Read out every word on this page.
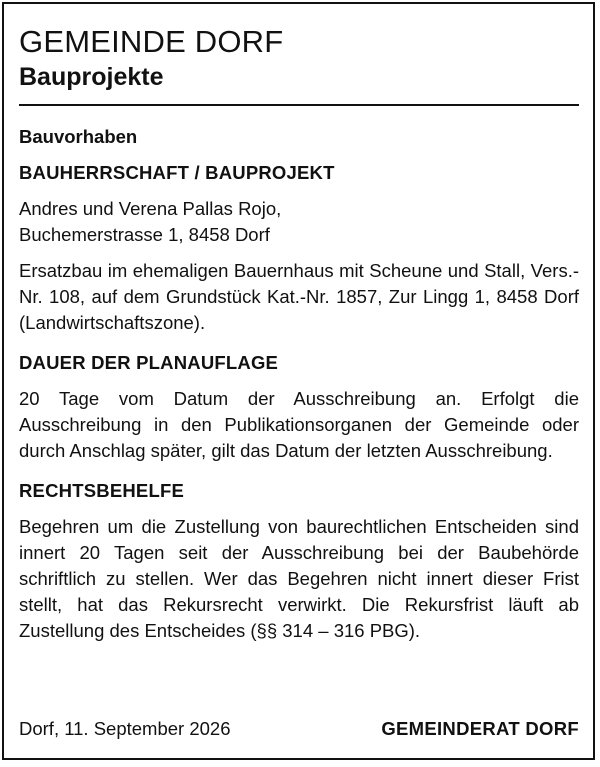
GEMEINDE DORF
Bauprojekte

Bauvorhaben

BAUHERRSCHAFT / BAUPROJEKT

Andres und Verena Pallas Rojo,
Buchemerstrasse 1, 8458 Dorf

Ersatzbau im ehemaligen Bauernhaus mit Scheune und Stall, Vers.-Nr. 108, auf dem Grundstück Kat.-Nr. 1857, Zur Lingg 1, 8458 Dorf (Landwirtschaftszone).

DAUER DER PLANAUFLAGE

20 Tage vom Datum der Ausschreibung an. Erfolgt die Ausschreibung in den Publikationsorganen der Gemeinde oder durch Anschlag später, gilt das Datum der letzten Ausschreibung.

RECHTSBEHELFE

Begehren um die Zustellung von baurechtlichen Entscheiden sind innert 20 Tagen seit der Ausschreibung bei der Baubehörde schriftlich zu stellen. Wer das Begehren nicht innert dieser Frist stellt, hat das Rekursrecht verwirkt. Die Rekursfrist läuft ab Zustellung des Entscheides (§§ 314 – 316 PBG).

Dorf, 11. September 2026	GEMEINDERAT DORF
